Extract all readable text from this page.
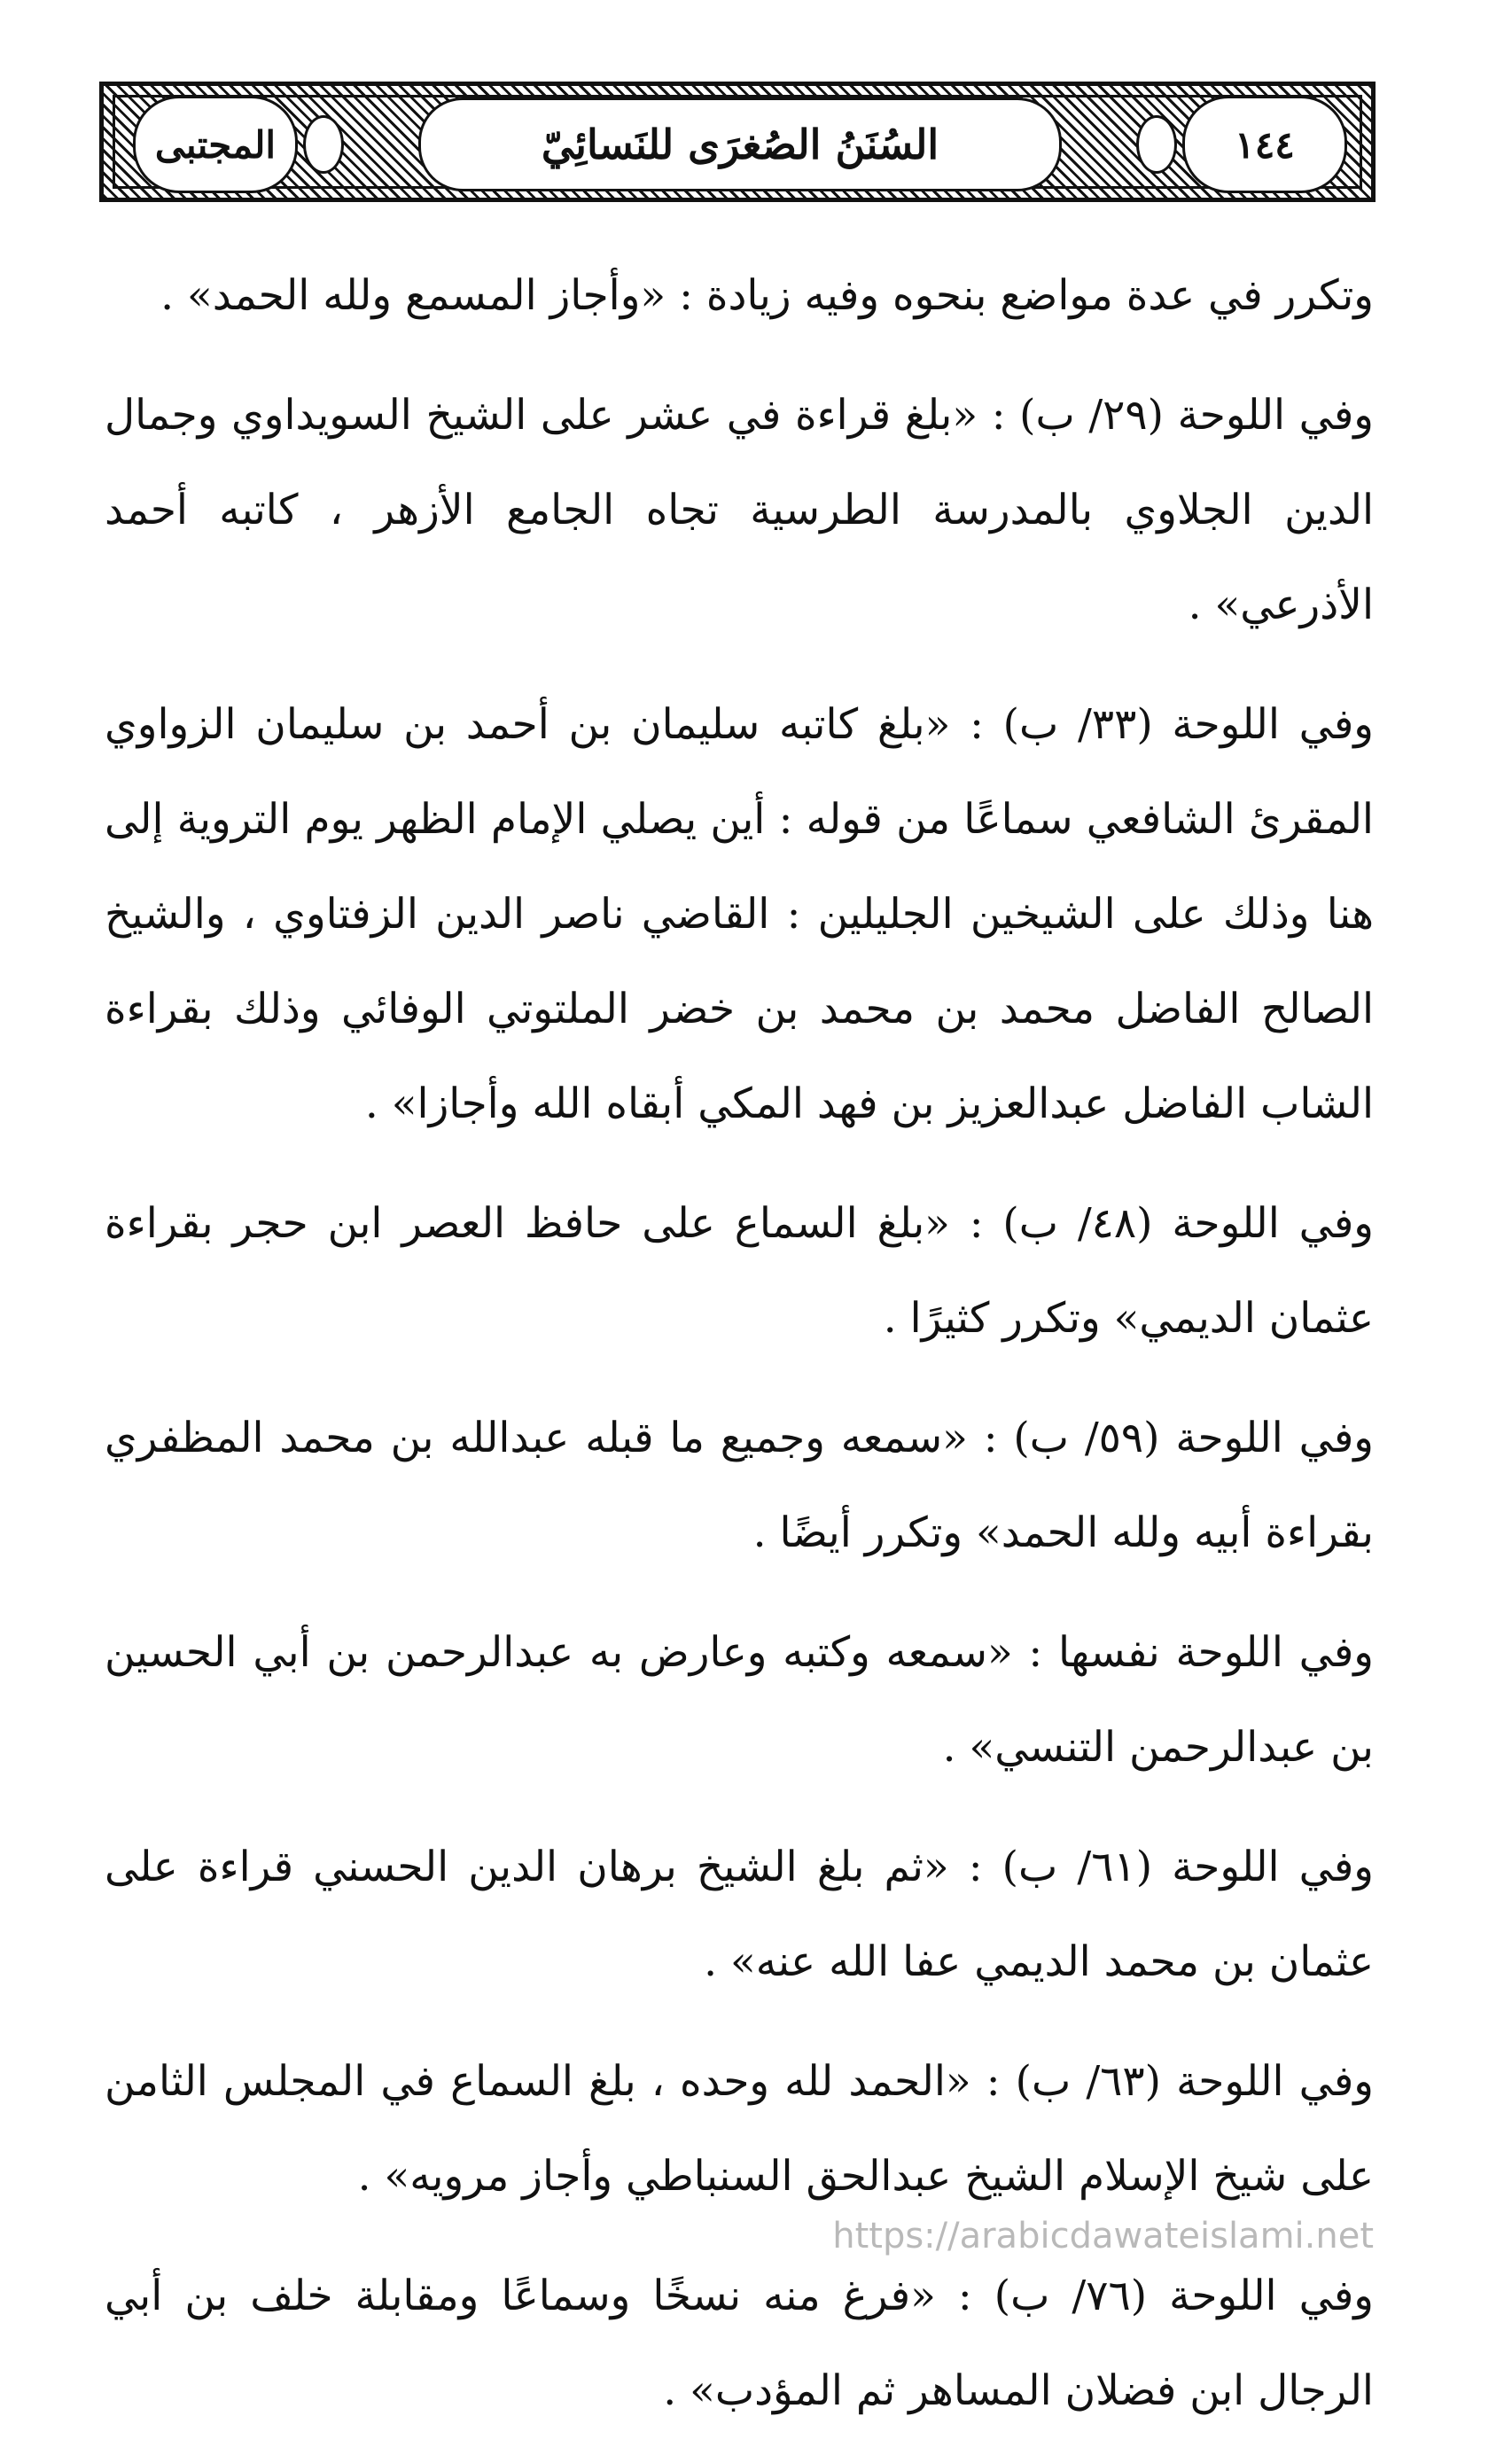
١٤٤
السُنَنُ الصُغرَى للنَسائِيّ
المجتبى

وتكرر في عدة مواضع بنحوه وفيه زيادة : «وأجاز المسمع ولله الحمد» .

وفي اللوحة (٢٩/ ب) : «بلغ قراءة في عشر على الشيخ السويداوي وجمال الدين الجلاوي بالمدرسة الطرسية تجاه الجامع الأزهر ، كاتبه أحمد الأذرعي» .

وفي اللوحة (٣٣/ ب) : «بلغ كاتبه سليمان بن أحمد بن سليمان الزواوي المقرئ الشافعي سماعًا من قوله : أين يصلي الإمام الظهر يوم التروية إلى هنا وذلك على الشيخين الجليلين : القاضي ناصر الدين الزفتاوي ، والشيخ الصالح الفاضل محمد بن محمد بن خضر الملتوتي الوفائي وذلك بقراءة الشاب الفاضل عبدالعزيز بن فهد المكي أبقاه الله وأجازا» .

وفي اللوحة (٤٨/ ب) : «بلغ السماع على حافظ العصر ابن حجر بقراءة عثمان الديمي» وتكرر كثيرًا .

وفي اللوحة (٥٩/ ب) : «سمعه وجميع ما قبله عبدالله بن محمد المظفري بقراءة أبيه ولله الحمد» وتكرر أيضًا .

وفي اللوحة نفسها : «سمعه وكتبه وعارض به عبدالرحمن بن أبي الحسين بن عبدالرحمن التنسي» .

وفي اللوحة (٦١/ ب) : «ثم بلغ الشيخ برهان الدين الحسني قراءة على عثمان بن محمد الديمي عفا الله عنه» .

وفي اللوحة (٦٣/ ب) : «الحمد لله وحده ، بلغ السماع في المجلس الثامن على شيخ الإسلام الشيخ عبدالحق السنباطي وأجاز مرويه» .

وفي اللوحة (٧٦/ ب) : «فرغ منه نسخًا وسماعًا ومقابلة خلف بن أبي الرجال ابن فضلان المساهر ثم المؤدب» .

https://arabicdawateislami.net
